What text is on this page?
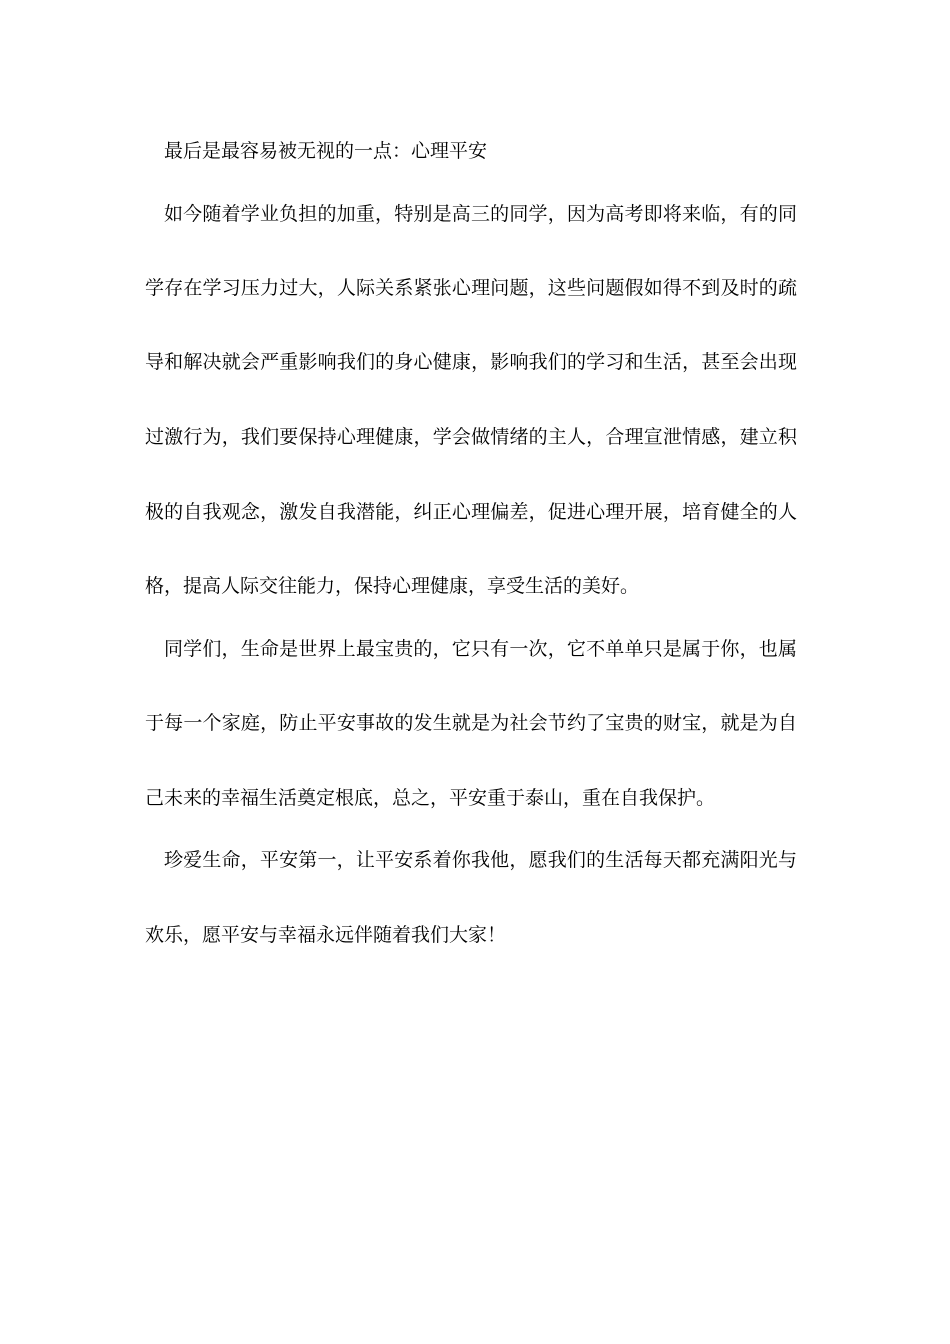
最后是最容易被无视的一点：心理平安
如今随着学业负担的加重，特别是高三的同学，因为高考即将来临，有的同
学存在学习压力过大，人际关系紧张心理问题，这些问题假如得不到及时的疏
导和解决就会严重影响我们的身心健康，影响我们的学习和生活，甚至会出现
过激行为，我们要保持心理健康，学会做情绪的主人，合理宣泄情感，建立积
极的自我观念，激发自我潜能，纠正心理偏差，促进心理开展，培育健全的人
格，提高人际交往能力，保持心理健康，享受生活的美好。
同学们，生命是世界上最宝贵的，它只有一次，它不单单只是属于你，也属
于每一个家庭，防止平安事故的发生就是为社会节约了宝贵的财宝，就是为自
己未来的幸福生活奠定根底，总之，平安重于泰山，重在自我保护。
珍爱生命，平安第一，让平安系着你我他，愿我们的生活每天都充满阳光与
欢乐，愿平安与幸福永远伴随着我们大家！
